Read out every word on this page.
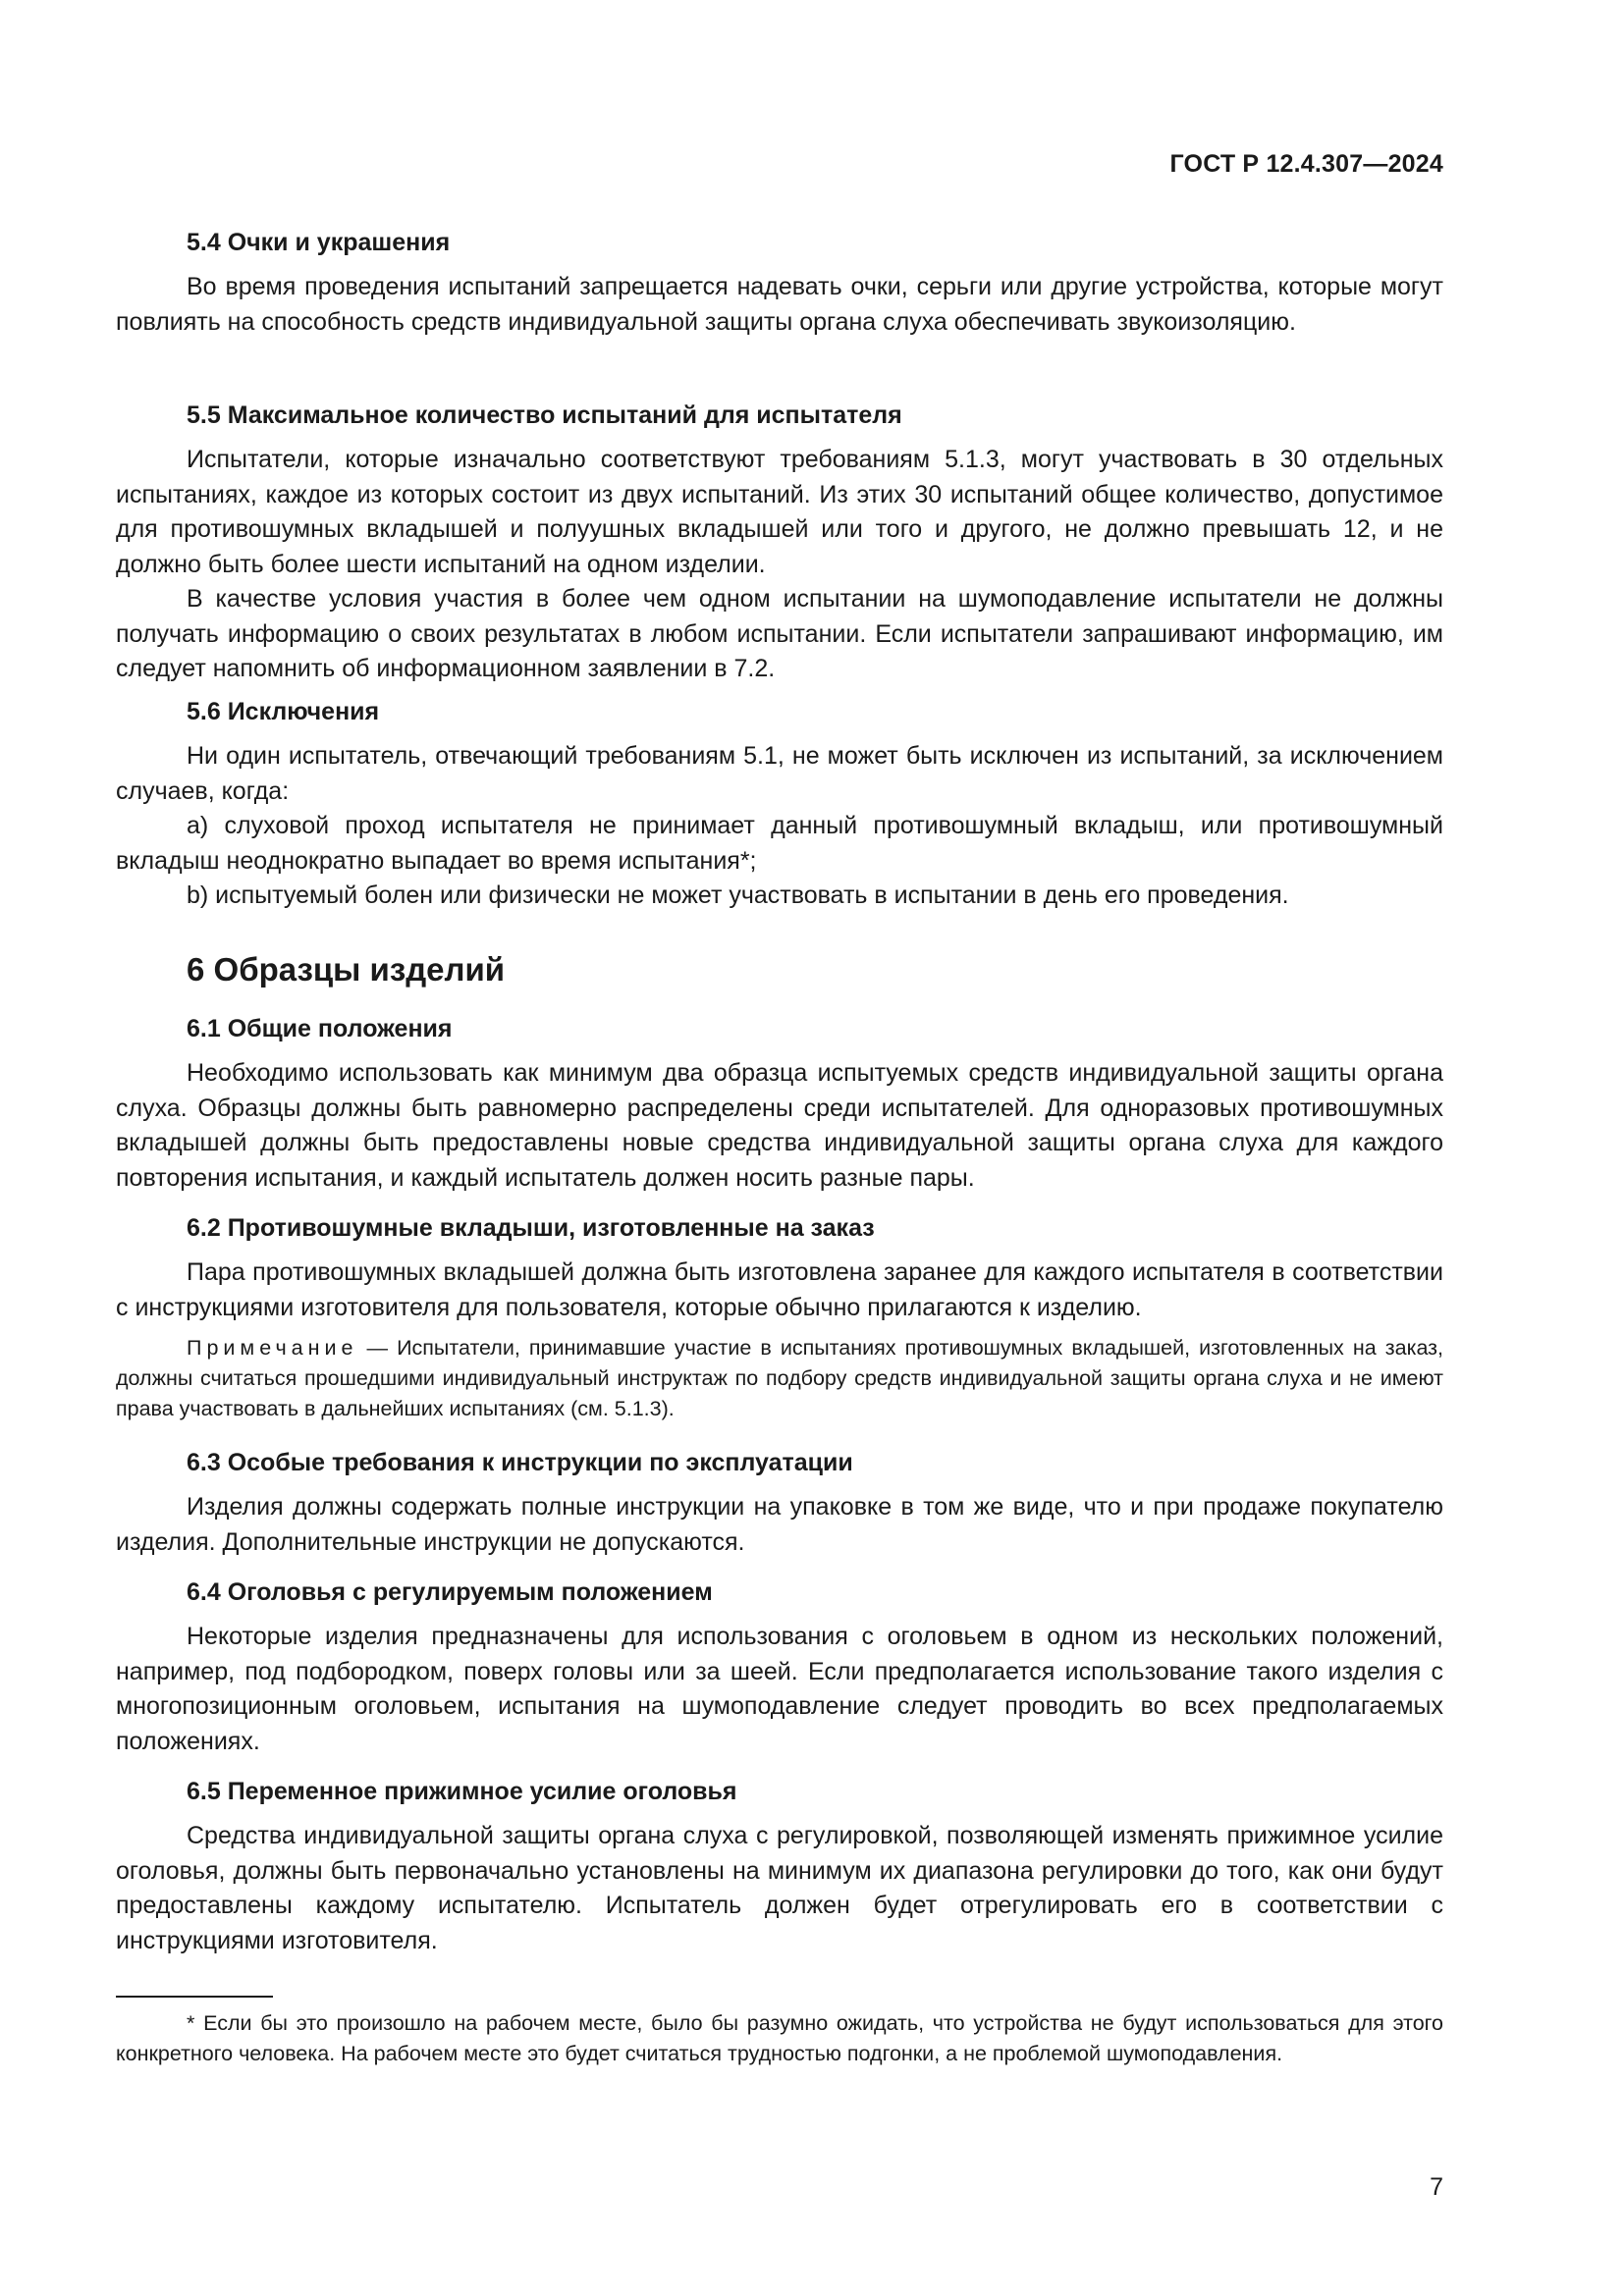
ГОСТ Р 12.4.307—2024
5.4 Очки и украшения

Во время проведения испытаний запрещается надевать очки, серьги или другие устройства, которые могут повлиять на способность средств индивидуальной защиты органа слуха обеспечивать звукоизоляцию.

5.5 Максимальное количество испытаний для испытателя

Испытатели, которые изначально соответствуют требованиям 5.1.3, могут участвовать в 30 отдельных испытаниях, каждое из которых состоит из двух испытаний. Из этих 30 испытаний общее количество, допустимое для противошумных вкладышей и полуушных вкладышей или того и другого, не должно превышать 12, и не должно быть более шести испытаний на одном изделии.

В качестве условия участия в более чем одном испытании на шумоподавление испытатели не должны получать информацию о своих результатах в любом испытании. Если испытатели запрашивают информацию, им следует напомнить об информационном заявлении в 7.2.

5.6 Исключения

Ни один испытатель, отвечающий требованиям 5.1, не может быть исключен из испытаний, за исключением случаев, когда:

а) слуховой проход испытателя не принимает данный противошумный вкладыш, или противошумный вкладыш неоднократно выпадает во время испытания*;

b) испытуемый болен или физически не может участвовать в испытании в день его проведения.

6 Образцы изделий
6.1 Общие положения

Необходимо использовать как минимум два образца испытуемых средств индивидуальной защиты органа слуха. Образцы должны быть равномерно распределены среди испытателей. Для одноразовых противошумных вкладышей должны быть предоставлены новые средства индивидуальной защиты органа слуха для каждого повторения испытания, и каждый испытатель должен носить разные пары.

6.2 Противошумные вкладыши, изготовленные на заказ

Пара противошумных вкладышей должна быть изготовлена заранее для каждого испытателя в соответствии с инструкциями изготовителя для пользователя, которые обычно прилагаются к изделию.

Примечание — Испытатели, принимавшие участие в испытаниях противошумных вкладышей, изготовленных на заказ, должны считаться прошедшими индивидуальный инструктаж по подбору средств индивидуальной защиты органа слуха и не имеют права участвовать в дальнейших испытаниях (см. 5.1.3).

6.3 Особые требования к инструкции по эксплуатации

Изделия должны содержать полные инструкции на упаковке в том же виде, что и при продаже покупателю изделия. Дополнительные инструкции не допускаются.

6.4 Оголовья с регулируемым положением

Некоторые изделия предназначены для использования с оголовьем в одном из нескольких положений, например, под подбородком, поверх головы или за шеей. Если предполагается использование такого изделия с многопозиционным оголовьем, испытания на шумоподавление следует проводить во всех предполагаемых положениях.

6.5 Переменное прижимное усилие оголовья

Средства индивидуальной защиты органа слуха с регулировкой, позволяющей изменять прижимное усилие оголовья, должны быть первоначально установлены на минимум их диапазона регулировки до того, как они будут предоставлены каждому испытателю. Испытатель должен будет отрегулировать его в соответствии с инструкциями изготовителя.

* Если бы это произошло на рабочем месте, было бы разумно ожидать, что устройства не будут использоваться для этого конкретного человека. На рабочем месте это будет считаться трудностью подгонки, а не проблемой шумоподавления.

7
